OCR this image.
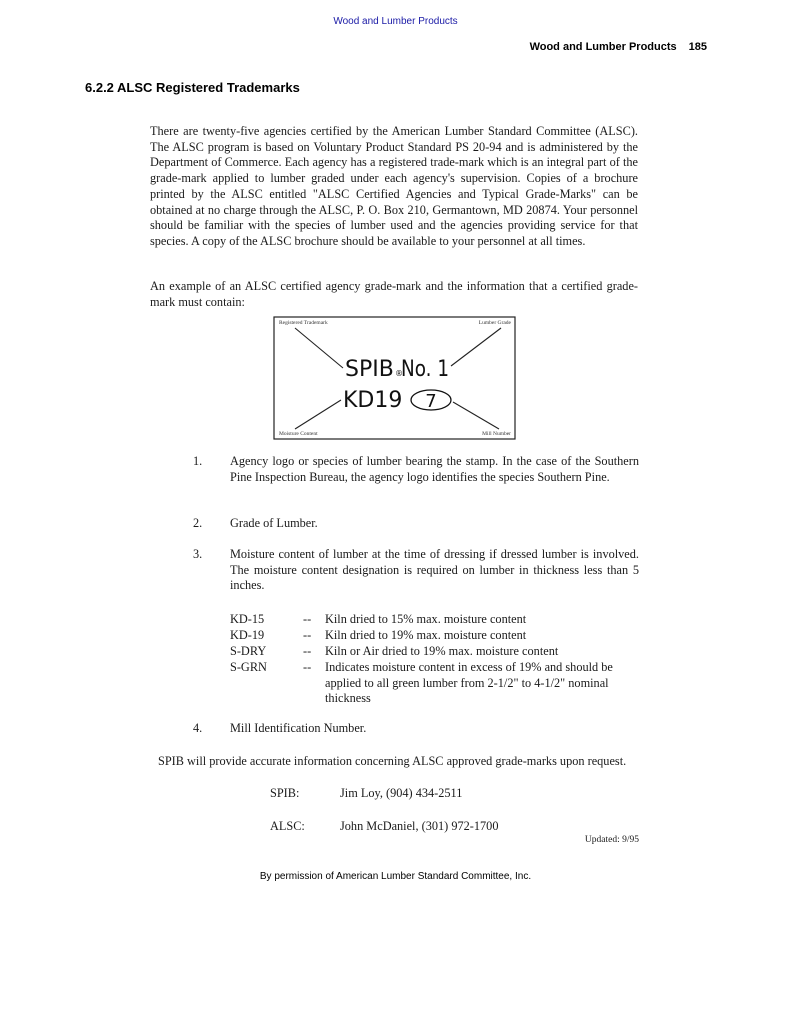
Wood and Lumber Products
Wood and Lumber Products 185
6.2.2 ALSC Registered Trademarks
There are twenty-five agencies certified by the American Lumber Standard Committee (ALSC). The ALSC program is based on Voluntary Product Standard PS 20-94 and is administered by the Department of Commerce. Each agency has a registered trade-mark which is an integral part of the grade-mark applied to lumber graded under each agency's supervision. Copies of a brochure printed by the ALSC entitled "ALSC Certified Agencies and Typical Grade-Marks" can be obtained at no charge through the ALSC, P. O. Box 210, Germantown, MD 20874. Your personnel should be familiar with the species of lumber used and the agencies providing service for that species. A copy of the ALSC brochure should be available to your personnel at all times.
An example of an ALSC certified agency grade-mark and the information that a certified grade-mark must contain:
Registered Trademark	Lumber Grade
Moisture Content	Mill Number
SPIB ®
No. 1
KD19 7
1.	Agency logo or species of lumber bearing the stamp. In the case of the Southern Pine Inspection Bureau, the agency logo identifies the species Southern Pine.
2.	Grade of Lumber.
3.	Moisture content of lumber at the time of dressing if dressed lumber is involved. The moisture content designation is required on lumber in thickness less than 5 inches.
KD-15	-- Kiln dried to 15% max. moisture content
KD-19	-- Kiln dried to 19% max. moisture content
S-DRY	-- Kiln or Air dried to 19% max. moisture content
S-GRN	-- Indicates moisture content in excess of 19% and should be applied to all green lumber from 2-1/2" to 4-1/2" nominal thickness
4.	Mill Identification Number.
SPIB will provide accurate information concerning ALSC approved grade-marks upon request.
SPIB:	Jim Loy, (904) 434-2511
ALSC:	John McDaniel, (301) 972-1700
Updated: 9/95
By permission of American Lumber Standard Committee, Inc.
